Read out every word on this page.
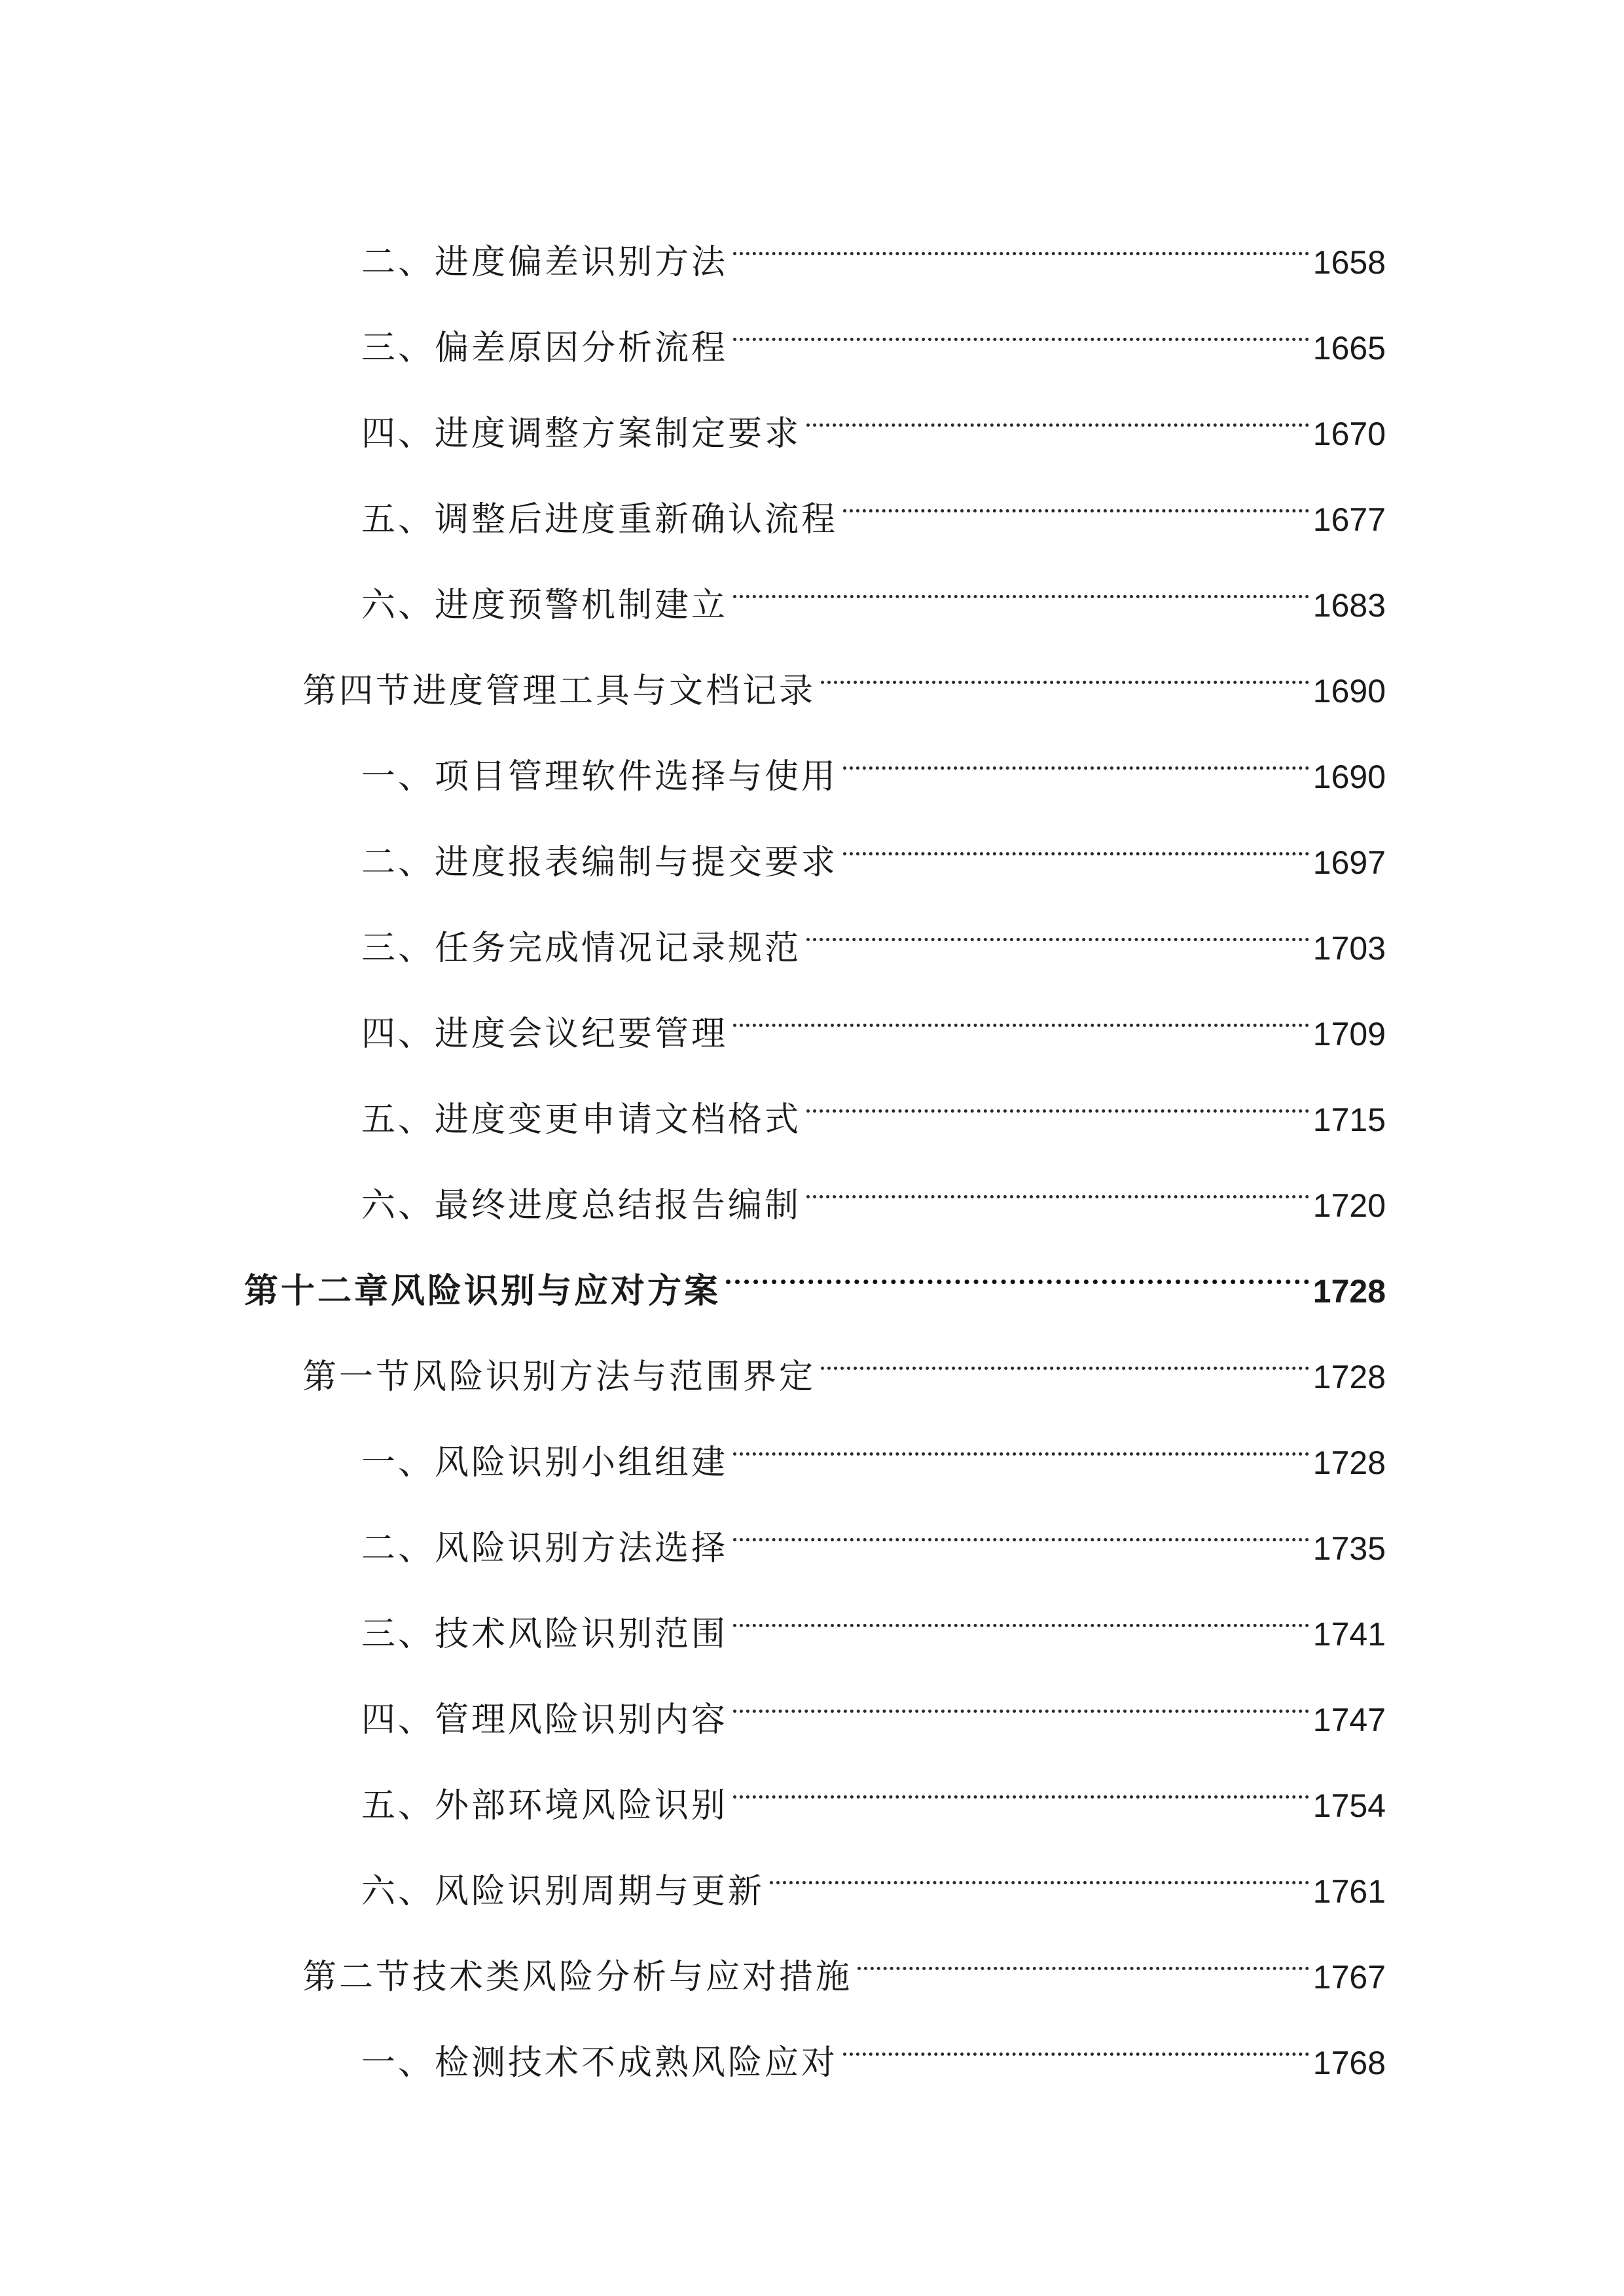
二、进度偏差识别方法	1658
三、偏差原因分析流程	1665
四、进度调整方案制定要求	1670
五、调整后进度重新确认流程	1677
六、进度预警机制建立	1683
第四节进度管理工具与文档记录	1690
一、项目管理软件选择与使用	1690
二、进度报表编制与提交要求	1697
三、任务完成情况记录规范	1703
四、进度会议纪要管理	1709
五、进度变更申请文档格式	1715
六、最终进度总结报告编制	1720
第十二章风险识别与应对方案	1728
第一节风险识别方法与范围界定	1728
一、风险识别小组组建	1728
二、风险识别方法选择	1735
三、技术风险识别范围	1741
四、管理风险识别内容	1747
五、外部环境风险识别	1754
六、风险识别周期与更新	1761
第二节技术类风险分析与应对措施	1767
一、检测技术不成熟风险应对	1768
